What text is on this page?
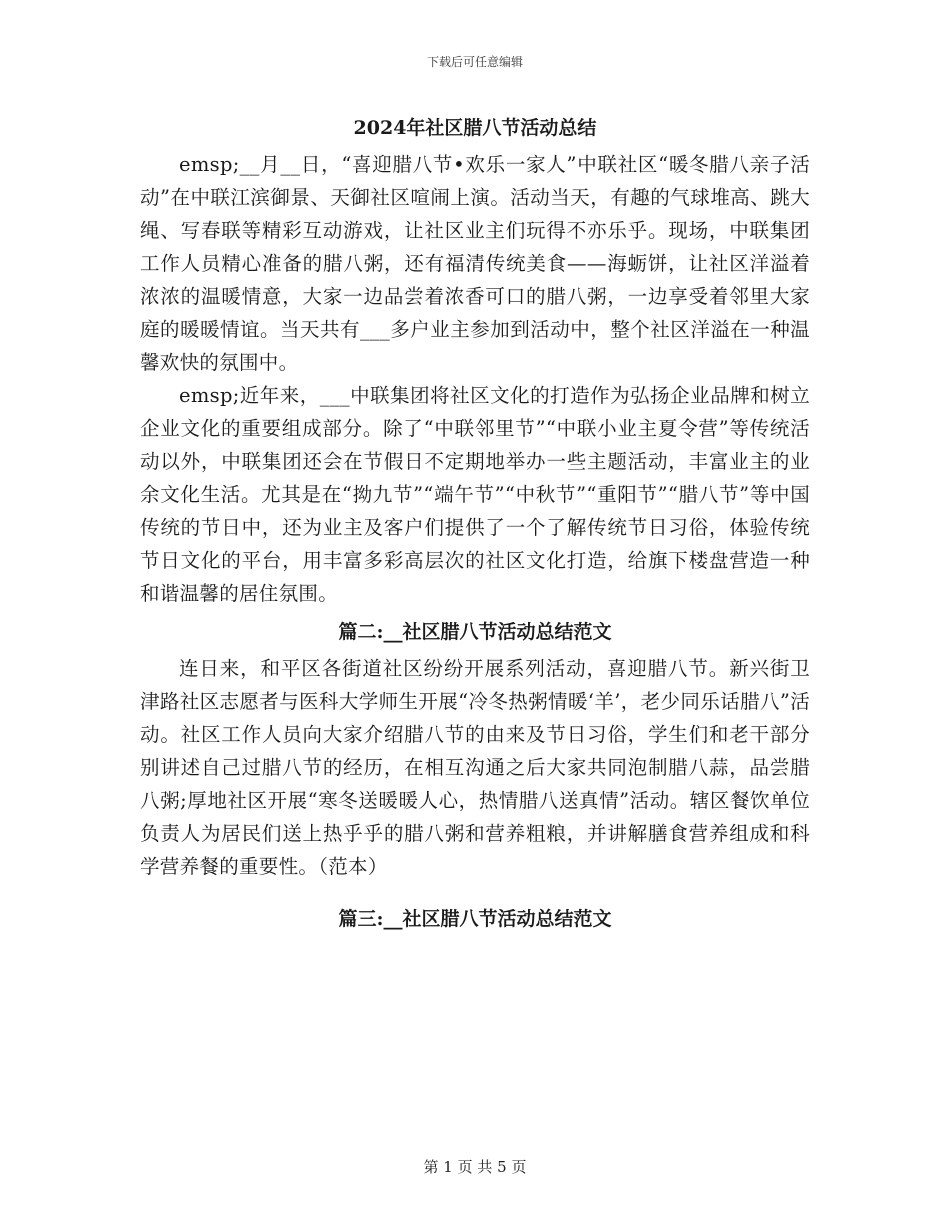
下载后可任意编辑
2024年社区腊八节活动总结

emsp;__月__日，“喜迎腊八节•欢乐一家人”中联社区“暖冬腊八亲子活动”在中联江滨御景、天御社区喧闹上演。活动当天，有趣的气球堆高、跳大绳、写春联等精彩互动游戏，让社区业主们玩得不亦乐乎。现场，中联集团工作人员精心准备的腊八粥，还有福清传统美食——海蛎饼，让社区洋溢着浓浓的温暖情意，大家一边品尝着浓香可口的腊八粥，一边享受着邻里大家庭的暖暖情谊。当天共有___多户业主参加到活动中，整个社区洋溢在一种温馨欢快的氛围中。

emsp;近年来，___中联集团将社区文化的打造作为弘扬企业品牌和树立企业文化的重要组成部分。除了“中联邻里节”“中联小业主夏令营”等传统活动以外，中联集团还会在节假日不定期地举办一些主题活动，丰富业主的业余文化生活。尤其是在“拗九节”“端午节”“中秋节”“重阳节”“腊八节”等中国传统的节日中，还为业主及客户们提供了一个了解传统节日习俗，体验传统节日文化的平台，用丰富多彩高层次的社区文化打造，给旗下楼盘营造一种和谐温馨的居住氛围。

篇二:__社区腊八节活动总结范文

连日来，和平区各街道社区纷纷开展系列活动，喜迎腊八节。新兴街卫津路社区志愿者与医科大学师生开展“冷冬热粥情暖‘羊’，老少同乐话腊八”活动。社区工作人员向大家介绍腊八节的由来及节日习俗，学生们和老干部分别讲述自己过腊八节的经历，在相互沟通之后大家共同泡制腊八蒜，品尝腊八粥;厚地社区开展“寒冬送暖暖人心，热情腊八送真情”活动。辖区餐饮单位负责人为居民们送上热乎乎的腊八粥和营养粗粮，并讲解膳食营养组成和科学营养餐的重要性。（范本）

篇三:__社区腊八节活动总结范文
第 1 页 共 5 页
